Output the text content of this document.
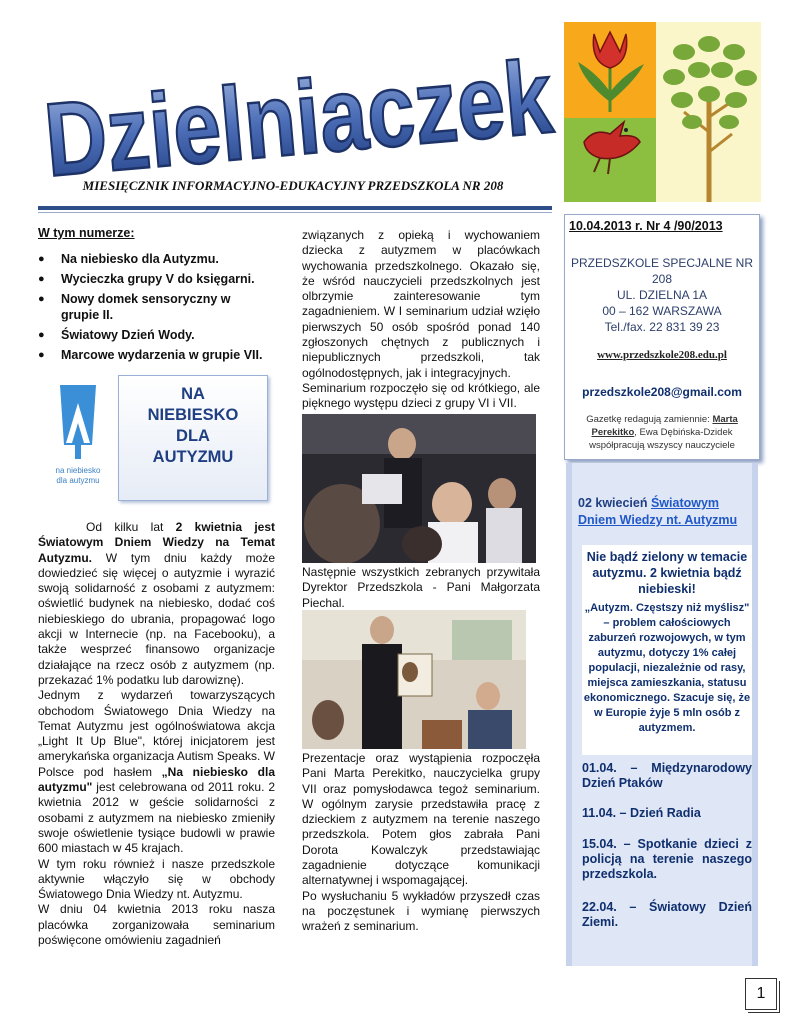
Dzielniaczek
MIESIĘCZNIK INFORMACYJNO-EDUKACYJNY PRZEDSZKOLA NR 208
W tym numerze:
● Na niebiesko dla Autyzmu.
● Wycieczka grupy V do księgarni.
● Nowy domek sensoryczny w grupie II.
● Światowy Dzień Wody.
● Marcowe wydarzenia w grupie VII.
na niebiesko
dla autyzmu
NA
NIEBIESKO
DLA
AUTYZMU

Od kilku lat 2 kwietnia jest Światowym Dniem Wiedzy na Temat Autyzmu. W tym dniu każdy może dowiedzieć się więcej o autyzmie i wyrazić swoją solidarność z osobami z autyzmem: oświetlić budynek na niebiesko, dodać coś niebieskiego do ubrania, propagować logo akcji w Internecie (np. na Facebooku), a także wesprzeć finansowo organizacje działające na rzecz osób z autyzmem (np. przekazać 1% podatku lub darowiznę).

Jednym z wydarzeń towarzyszących obchodom Światowego Dnia Wiedzy na Temat Autyzmu jest ogólnoświatowa akcja „Light It Up Blue", której inicjatorem jest amerykańska organizacja Autism Speaks. W Polsce pod hasłem „Na niebiesko dla autyzmu" jest celebrowana od 2011 roku. 2 kwietnia 2012 w geście solidarności z osobami z autyzmem na niebiesko zmieniły swoje oświetlenie tysiące budowli w prawie 600 miastach w 45 krajach.

W tym roku również i nasze przedszkole aktywnie włączyło się w obchody Światowego Dnia Wiedzy nt. Autyzmu.

W dniu 04 kwietnia 2013 roku nasza placówka zorganizowała seminarium poświęcone omówieniu zagadnień

związanych z opieką i wychowaniem dziecka z autyzmem w placówkach wychowania przedszkolnego. Okazało się, że wśród nauczycieli przedszkolnych jest olbrzymie zainteresowanie tym zagadnieniem. W I seminarium udział wzięło pierwszych 50 osób spośród ponad 140 zgłoszonych chętnych z publicznych i niepublicznych przedszkoli, tak ogólnodostępnych, jak i integracyjnych.

Seminarium rozpoczęło się od krótkiego, ale pięknego występu dzieci z grupy VI i VII.

Następnie wszystkich zebranych przywitała Dyrektor Przedszkola - Pani Małgorzata Piechal.

Prezentacje oraz wystąpienia rozpoczęła Pani Marta Perekitko, nauczycielka grupy VII oraz pomysłodawca tegoż seminarium. W ogólnym zarysie przedstawiła pracę z dzieckiem z autyzmem na terenie naszego przedszkola. Potem głos zabrała Pani Dorota Kowalczyk przedstawiając zagadnienie dotyczące komunikacji alternatywnej i wspomagającej.

Po wysłuchaniu 5 wykładów przyszedł czas na poczęstunek i wymianę pierwszych wrażeń z seminarium.

10.04.2013 r. Nr 4 /90/2013
PRZEDSZKOLE SPECJALNE NR
208
UL. DZIELNA 1A
00 – 162 WARSZAWA
Tel./fax. 22 831 39 23
www.przedszkole208.edu.pl
przedszkole208@gmail.com
Gazetkę redagują zamiennie: Marta Perekitko, Ewa Dębińska-Dzidek współpracują wszyscy nauczyciele
02 kwiecień Światowym Dniem Wiedzy nt. Autyzmu
Nie bądź zielony w temacie autyzmu. 2 kwietnia bądź niebieski!
„Autyzm. Częstszy niż myślisz" – problem całościowych zaburzeń rozwojowych, w tym autyzmu, dotyczy 1% całej populacji, niezależnie od rasy, miejsca zamieszkania, statusu ekonomicznego. Szacuje się, że w Europie żyje 5 mln osób z autyzmem.
01.04. – Międzynarodowy Dzień Ptaków
11.04. – Dzień Radia
15.04. – Spotkanie dzieci z policją na terenie naszego przedszkola.
22.04. – Światowy Dzień Ziemi.
1
